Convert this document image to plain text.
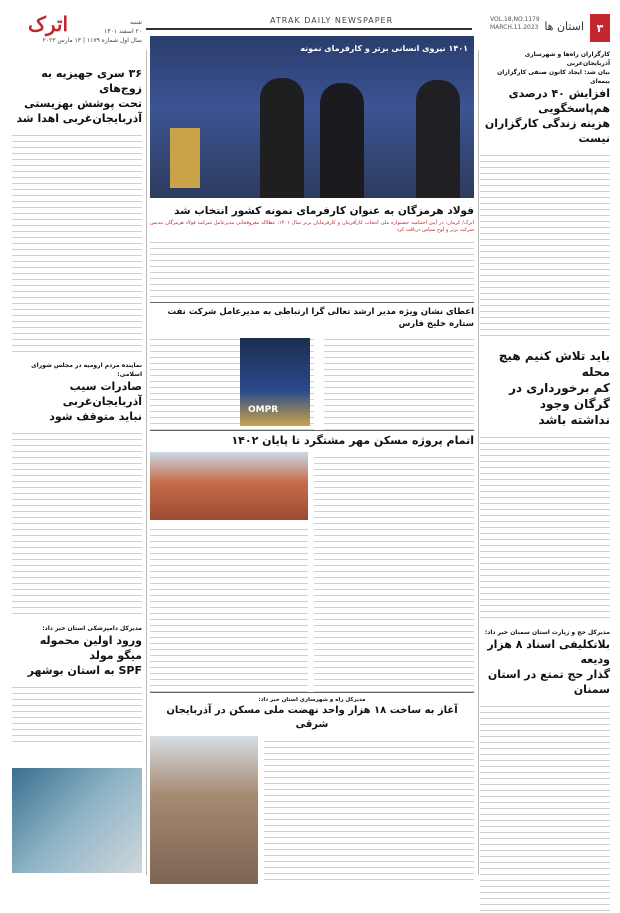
اترک	شنبه
۲۰ اسفند ۱۴۰۱
سال اول شماره ۱۱۷۹ | ۱۳ مارس ۲۰۲۳
ATRAK DAILY NEWSPAPER
۳
استان ها
VOL.18,NO.1179
MARCH.11.2023
کارگزاران راه‌ها و شهرسازی آذربایجان‌غربی
بیان شد: ایجاد کانون صنفی کارگزاران بیمه‌ای
افزایش ۴۰ درصدی هم‌پاسخگویی
هزینه زندگی کارگزاران نیست
باید تلاش کنیم هیچ محله
کم برخورداری در گرگان وجود
نداشته باشد
مدیرکل حج و زیارت استان سمنان خبر داد:
بلاتکلیفی اسناد ۸ هزار ودیعه
گذار حج تمتع در استان سمنان
۳۶ سری جهیزیه به زوج‌های
تحت پوشش بهزیستی
آذربایجان‌غربی اهدا شد
نماینده مردم ارومیه در مجلس شورای اسلامی:
صادرات سیب آذربایجان‌غربی
نباید متوقف شود
مدیرکل دامپزشکی استان خبر داد:
ورود اولین محموله میگو مولد
SPF به استان بوشهر
۱۴۰۱ نیروی انسانی برتر و کارفرمای نمونه
فولاد هرمزگان به عنوان کارفرمای نمونه کشور انتخاب شد
اترک/ کرمان: در آیین اختتامیه جشنواره ملی انتخاب کارآفرینان و کارفرمایان برتر سال ۱۴۰۱، عطااله معروفخانی مدیرعامل شرکت فولاد هرمزگان تندیس شرکت برتر و لوح سپاس دریافت کرد
اعطای نشان ویژه مدیر ارشد تعالی گرا ارتباطی به مدیرعامل شرکت نفت ستاره خلیج فارس
OMPR
اتمام پروژه مسکن مهر مشتگرد تا پایان ۱۴۰۲
مدیرکل راه و شهرسازی استان خبر داد:
آغاز به ساخت ۱۸ هزار واحد نهضت ملی مسکن در آذربایجان شرقی
